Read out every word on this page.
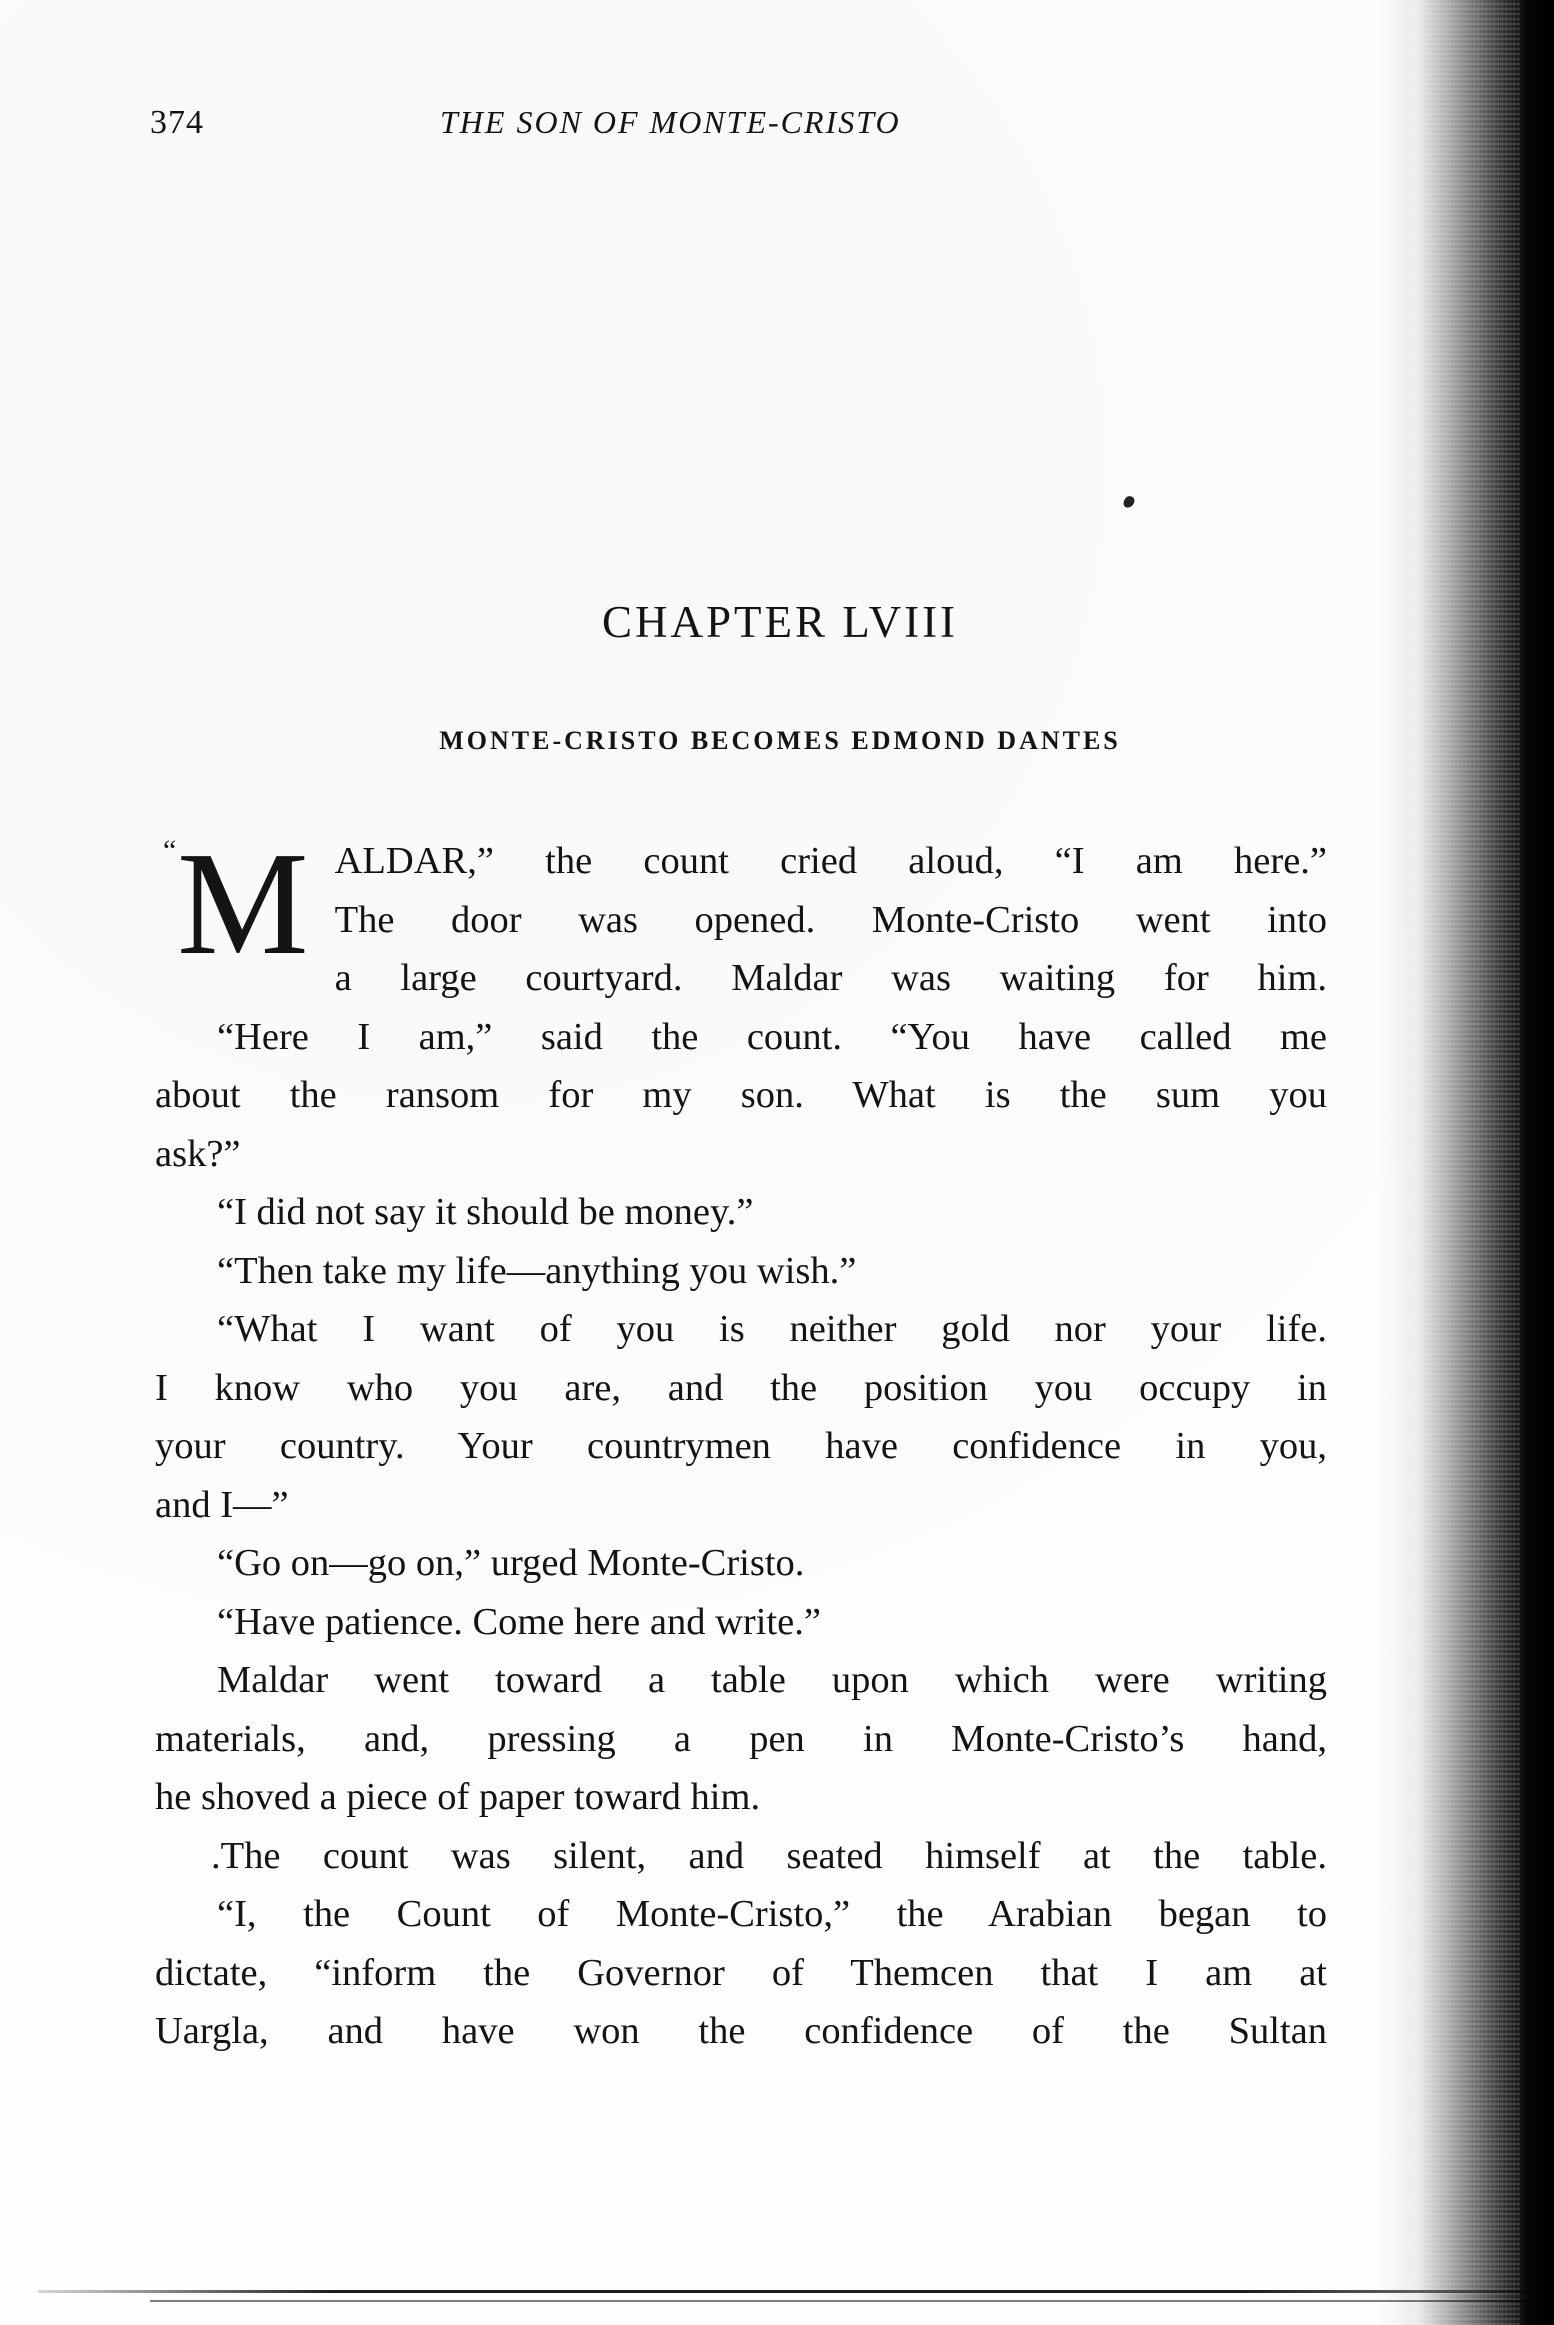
374	THE SON OF MONTE-CRISTO
CHAPTER LVIII
MONTE-CRISTO BECOMES EDMOND DANTES
“ M ALDAR,” the count cried aloud, “I am here.”
The door was opened. Monte-Cristo went into
a large courtyard. Maldar was waiting for him.
“Here I am,” said the count. “You have called me
about the ransom for my son. What is the sum you
ask?”
“I did not say it should be money.”
“Then take my life—anything you wish.”
“What I want of you is neither gold nor your life.
I know who you are, and the position you occupy in
your country. Your countrymen have confidence in you,
and I—”
“Go on—go on,” urged Monte-Cristo.
“Have patience. Come here and write.”
Maldar went toward a table upon which were writing
materials, and, pressing a pen in Monte-Cristo’s hand,
he shoved a piece of paper toward him.
.The count was silent, and seated himself at the table.
“I, the Count of Monte-Cristo,” the Arabian began to
dictate, “inform the Governor of Themcen that I am at
Uargla, and have won the confidence of the Sultan
